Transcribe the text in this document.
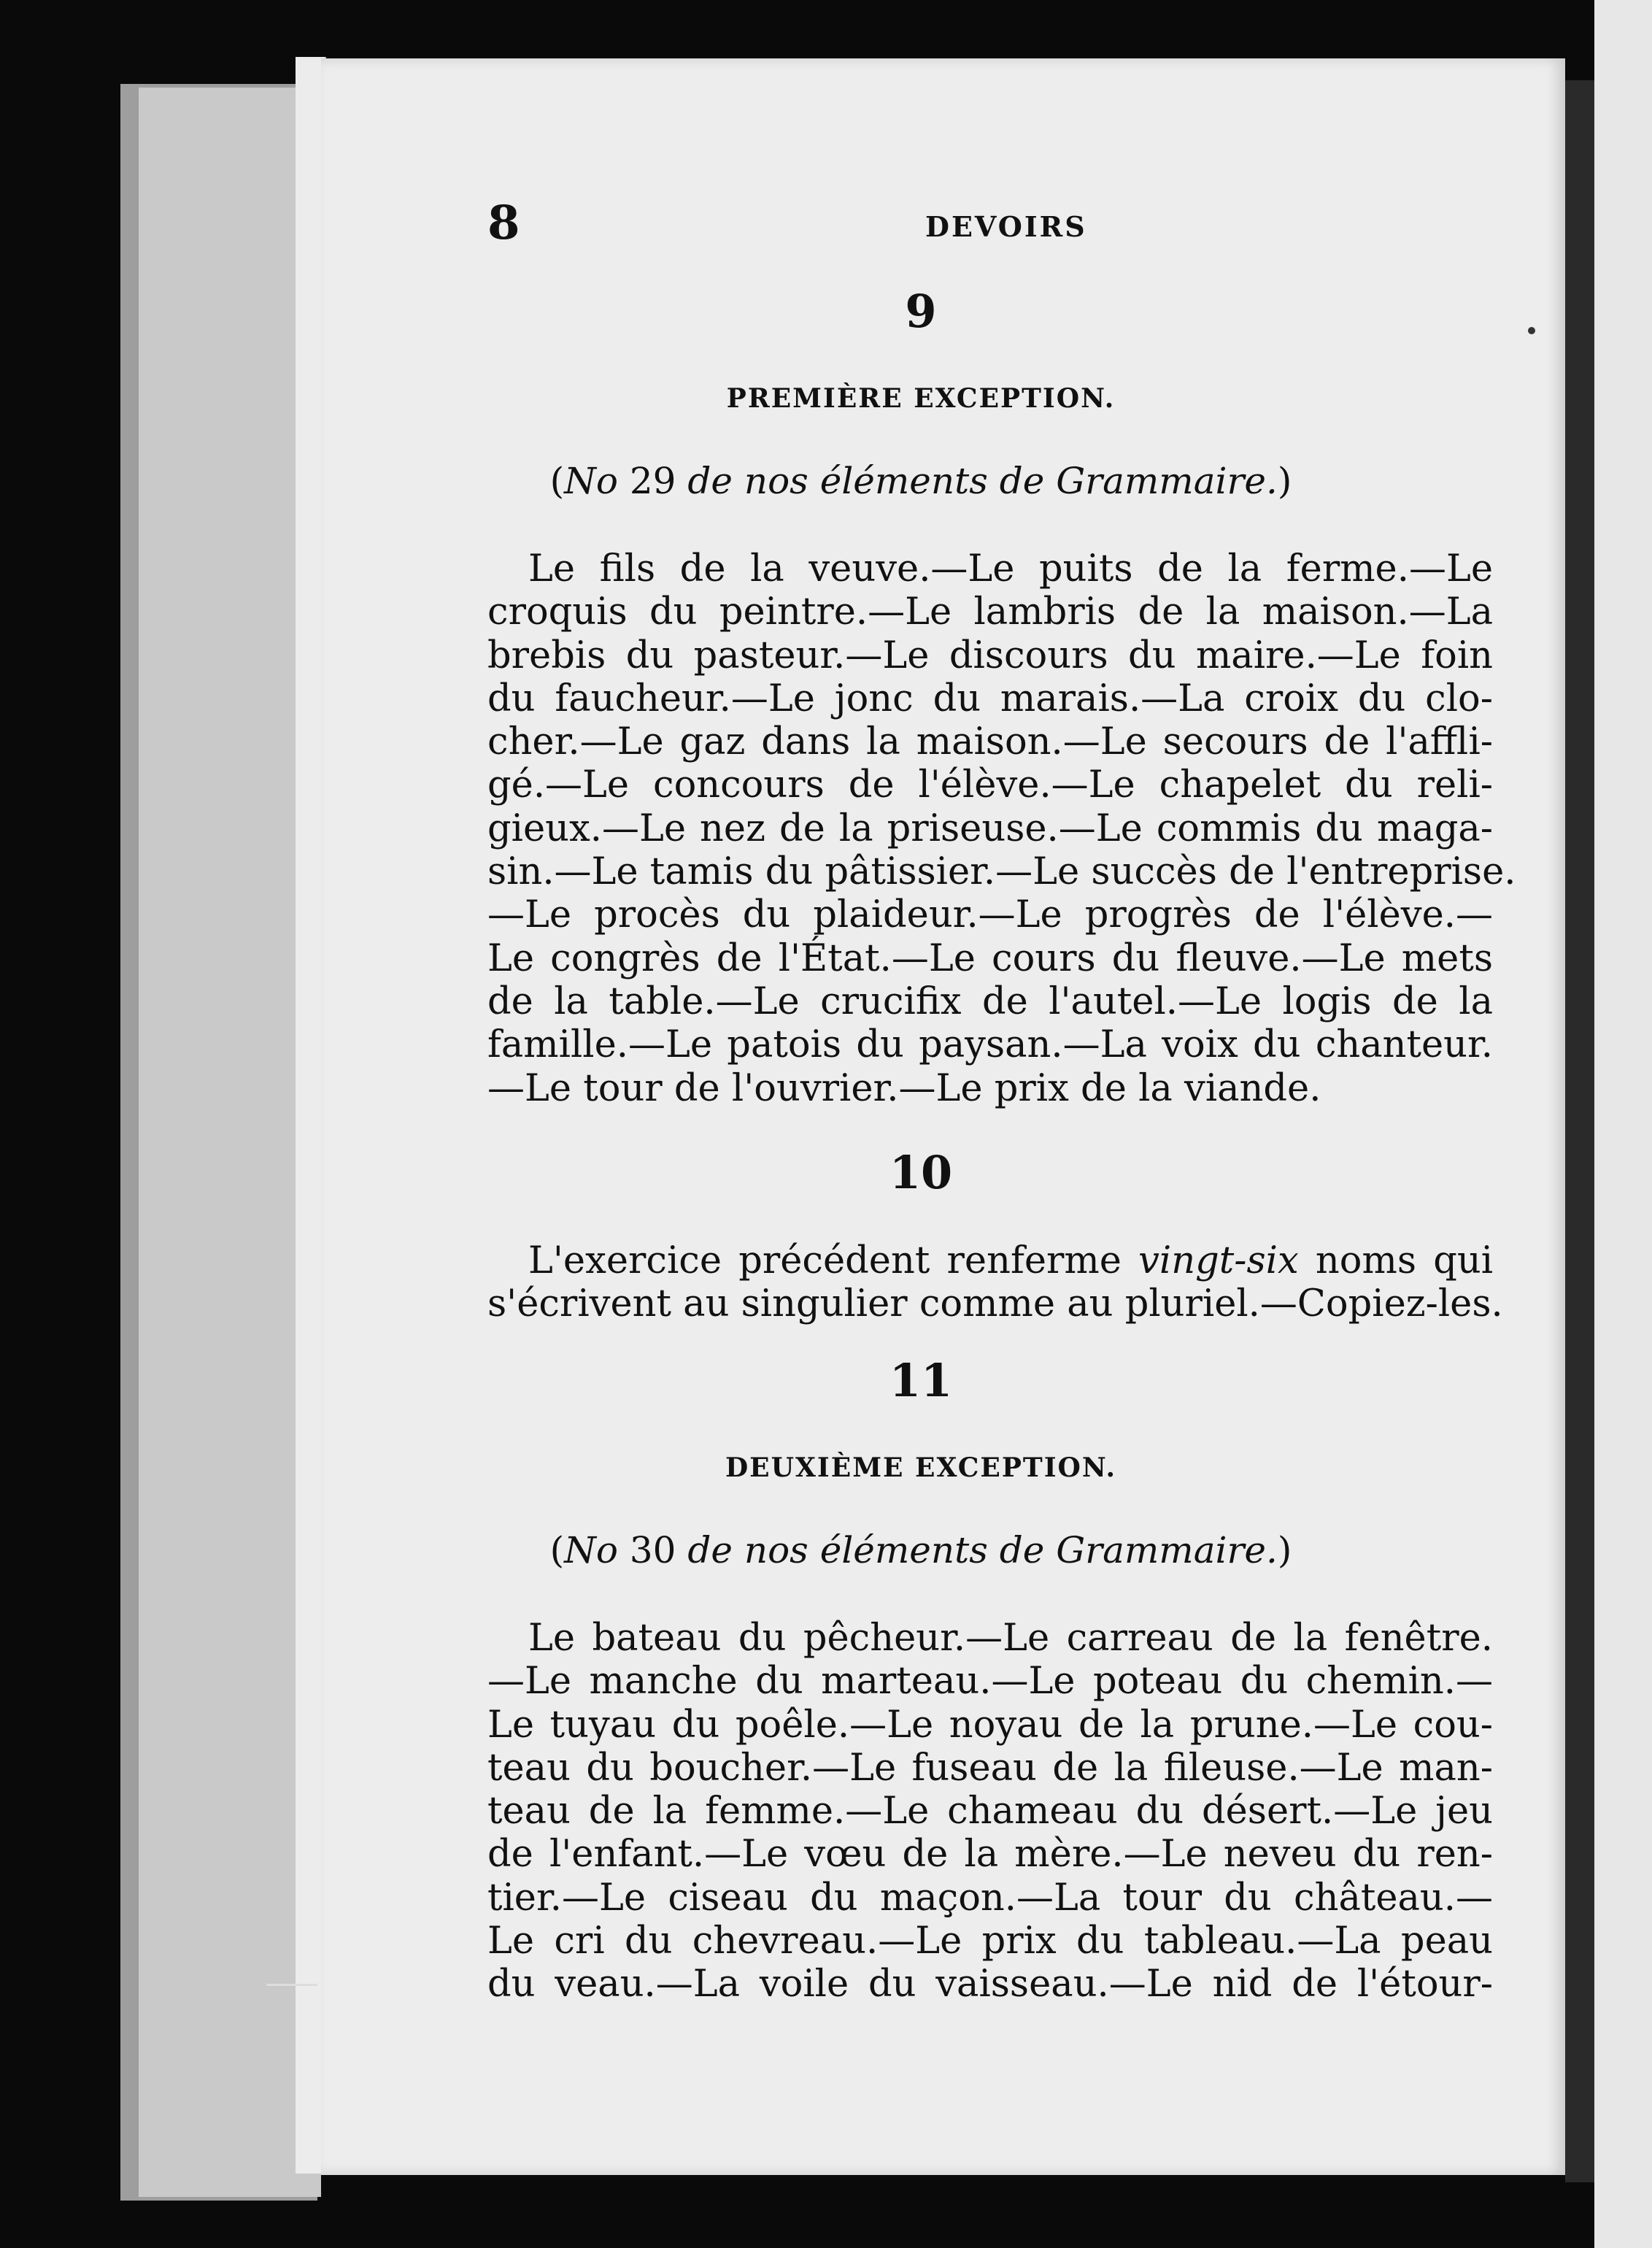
8	DEVOIRS
9
PREMIÈRE EXCEPTION.
(No 29 de nos éléments de Grammaire.)
Le fils de la veuve.—Le puits de la ferme.—Le
croquis du peintre.—Le lambris de la maison.—La
brebis du pasteur.—Le discours du maire.—Le foin
du faucheur.—Le jonc du marais.—La croix du clo-
cher.—Le gaz dans la maison.—Le secours de l'affli-
gé.—Le concours de l'élève.—Le chapelet du reli-
gieux.—Le nez de la priseuse.—Le commis du maga-
sin.—Le tamis du pâtissier.—Le succès de l'entreprise.
—Le procès du plaideur.—Le progrès de l'élève.—
Le congrès de l'État.—Le cours du fleuve.—Le mets
de la table.—Le crucifix de l'autel.—Le logis de la
famille.—Le patois du paysan.—La voix du chanteur.
—Le tour de l'ouvrier.—Le prix de la viande.
10
L'exercice précédent renferme vingt-six noms qui
s'écrivent au singulier comme au pluriel.—Copiez-les.
11
DEUXIÈME EXCEPTION.
(No 30 de nos éléments de Grammaire.)
Le bateau du pêcheur.—Le carreau de la fenêtre.
—Le manche du marteau.—Le poteau du chemin.—
Le tuyau du poêle.—Le noyau de la prune.—Le cou-
teau du boucher.—Le fuseau de la fileuse.—Le man-
teau de la femme.—Le chameau du désert.—Le jeu
de l'enfant.—Le vœu de la mère.—Le neveu du ren-
tier.—Le ciseau du maçon.—La tour du château.—
Le cri du chevreau.—Le prix du tableau.—La peau
du veau.—La voile du vaisseau.—Le nid de l'étour-
